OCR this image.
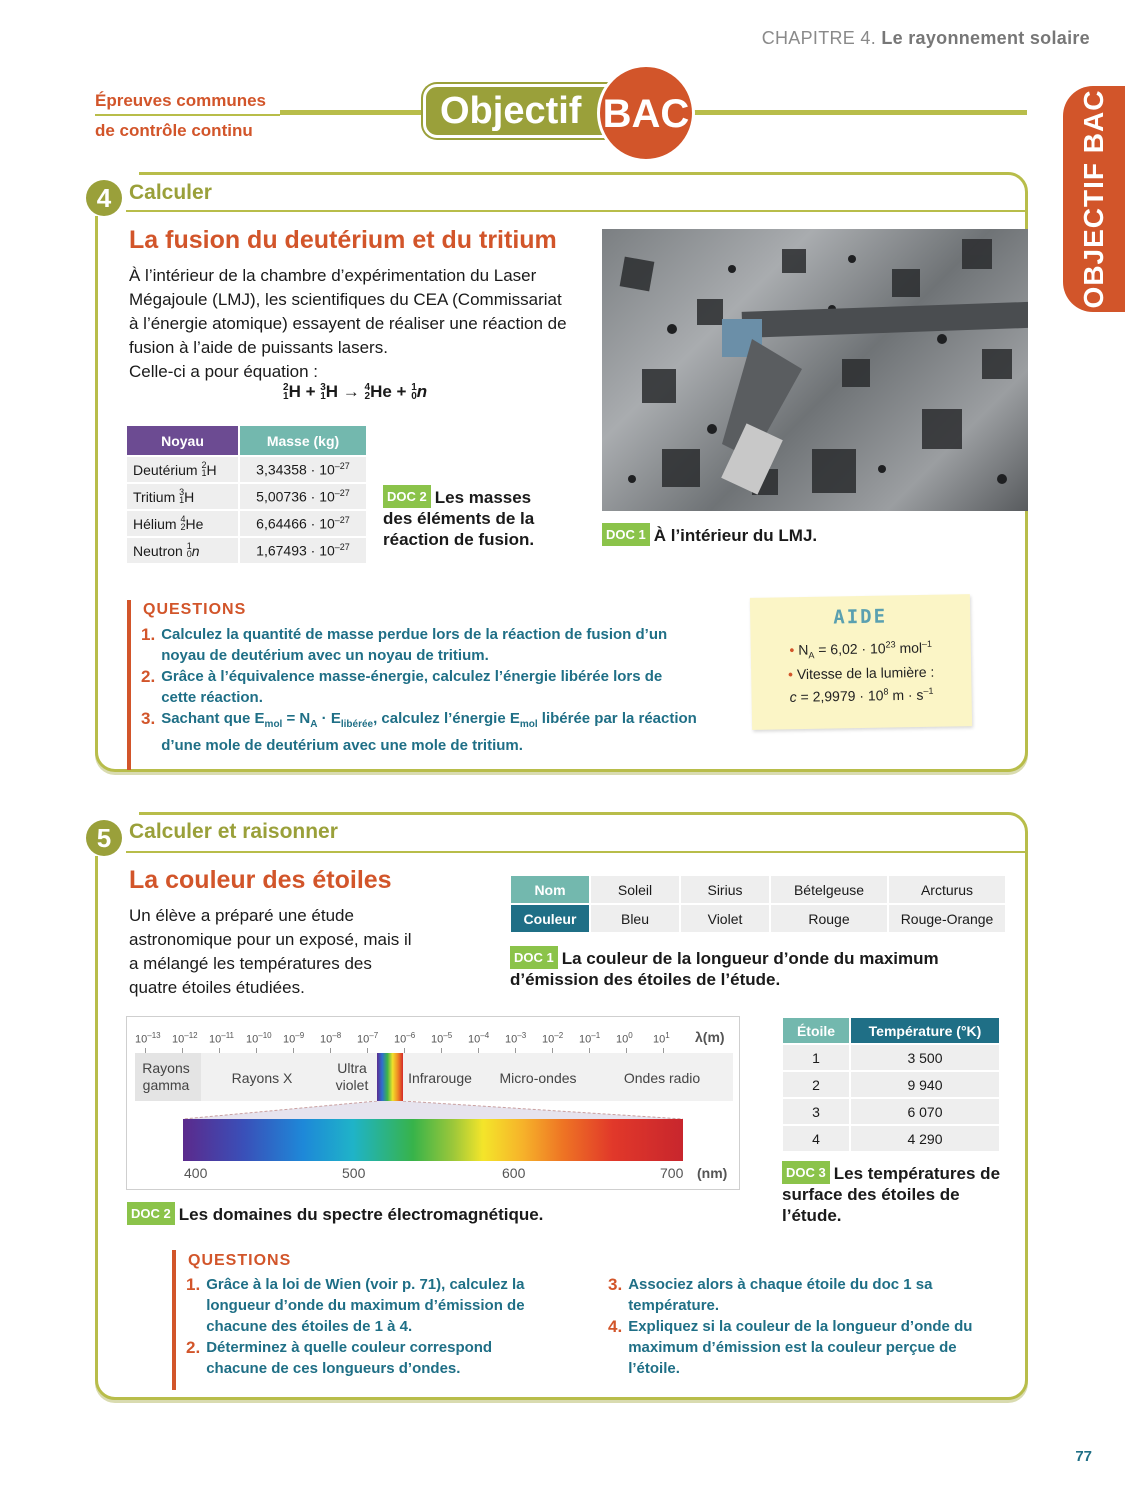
CHAPITRE 4. Le rayonnement solaire
Épreuves communes
de contrôle continu	Objectif BAC	OBJECTIF BAC
4 Calculer
La fusion du deutérium et du tritium
À l’intérieur de la chambre d’expérimentation du Laser Mégajoule (LMJ), les scientifiques du CEA (Commissariat à l’énergie atomique) essayent de réaliser une réaction de fusion à l’aide de puissants lasers.
Celle-ci a pour équation :
2
1H + 3
1H → 4
2He + 1
0n
Noyau	Masse (kg)
Deutérium 2
1H	$3,34358 \cdot 10^{-27}$
Tritium 3
1H	$5,00736 \cdot 10^{-27}$
Hélium 4
2He	$6,64466 \cdot 10^{-27}$
Neutron 1
0n	$1,67493 \cdot 10^{-27}$
DOC 2 Les masses des éléments de la réaction de fusion.	DOC 1 À l’intérieur du LMJ.
QUESTIONS
1. Calculez la quantité de masse perdue lors de la réaction de fusion d’un noyau de deutérium avec un noyau de tritium.
2. Grâce à l’équivalence masse-énergie, calculez l’énergie libérée lors de cette réaction.
3. Sachant que $E_{mol} = N_A \cdot E_{libérée}$, calculez l’énergie $E_{mol}$ libérée par la réaction d’une mole de deutérium avec une mole de tritium.
AIDE
• $N_A = 6,02 \cdot 10^{23}$ mol$^{-1}$
• Vitesse de la lumière :
$c = 2,9979 \cdot 10^8$ $m \cdot s^{-1}$
5 Calculer et raisonner
La couleur des étoiles
Un élève a préparé une étude astronomique pour un exposé, mais il a mélangé les températures des quatre étoiles étudiées.
Nom	Soleil	Sirius	Bételgeuse	Arcturus
Couleur	Bleu	Violet	Rouge	Rouge-Orange
DOC 1 La couleur de la longueur d’onde du maximum d’émission des étoiles de l’étude.
$10^{-13}$ $10^{-12}$ $10^{-11}$ $10^{-10}$ $10^{-9}$ $10^{-8}$ $10^{-7}$ $10^{-6}$ $10^{-5}$ $10^{-4}$ $10^{-3}$ $10^{-2}$ $10^{-1}$ $10^0$ $10^1$ λ(m)
Rayons gamma	Rayons X
Ultra violet	Infrarouge	Micro-ondes	Ondes radio
400	500	600	700 (nm)
DOC 2 Les domaines du spectre électromagnétique.
Étoile	Température (°K)
1	3 500
2	9 940
3	6 070
4	4 290
DOC 3 Les températures de surface des étoiles de l’étude.
QUESTIONS
1. Grâce à la loi de Wien (voir p. 71), calculez la longueur d’onde du maximum d’émission de chacune des étoiles de 1 à 4.
2. Déterminez à quelle couleur correspond chacune de ces longueurs d’ondes.
3. Associez alors à chaque étoile du doc 1 sa température.
4. Expliquez si la couleur de la longueur d’onde du maximum d’émission est la couleur perçue de l’étoile.
77
